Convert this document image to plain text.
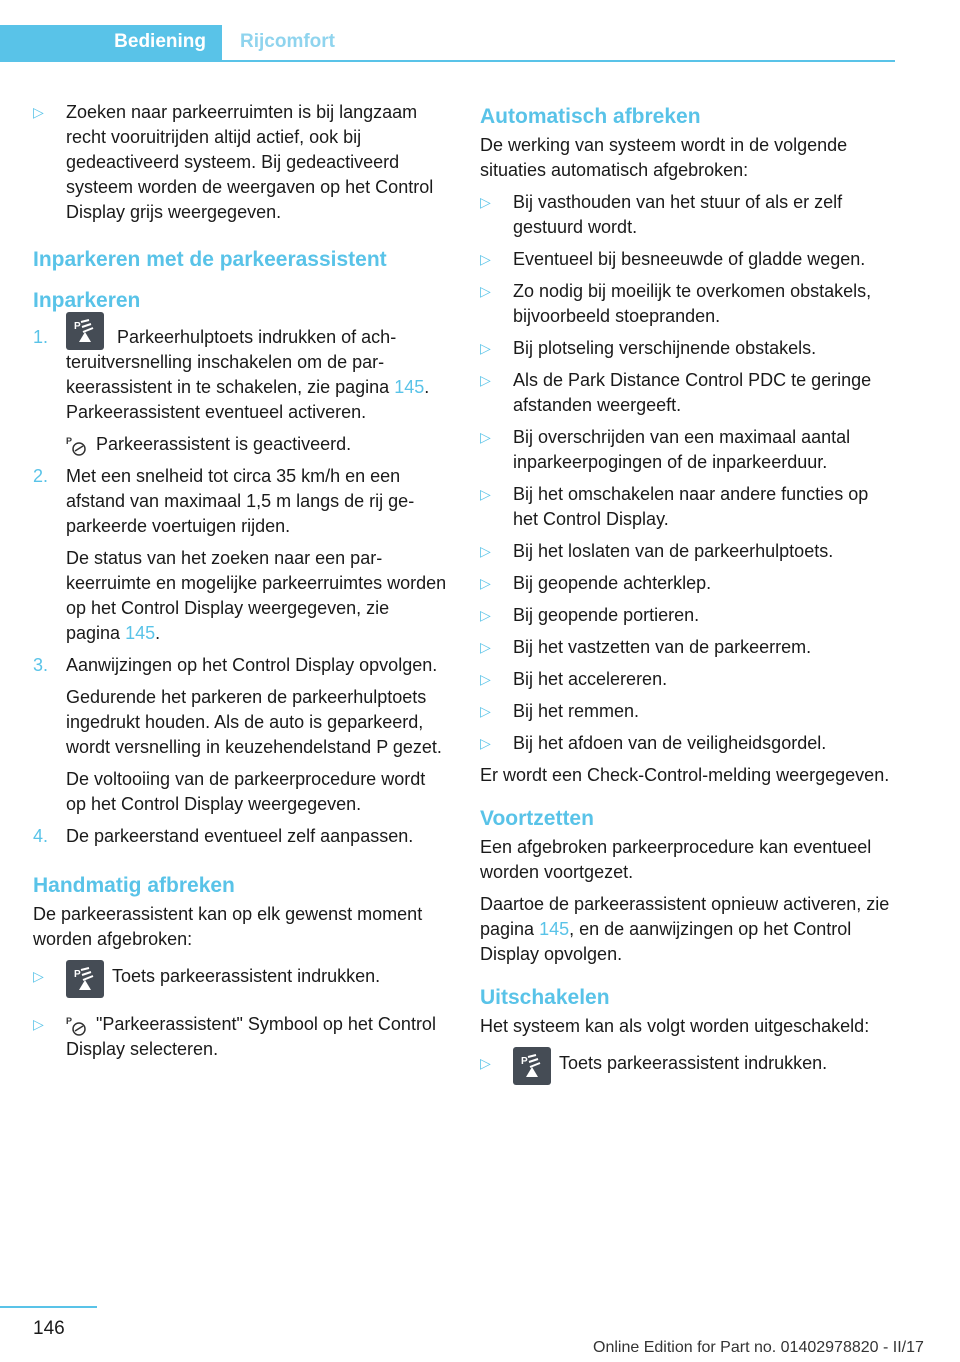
Bediening Rijcomfort
▷ Zoeken naar parkeerruimten is bij langzaam recht vooruitrijden altijd actief, ook bij gedeactiveerd systeem. Bij gedeactiveerd systeem worden de weergaven op het Control Display grijs weergegeven.
Inparkeren met de parkeerassistent
Inparkeren
1.
P
Parkeerhulptoets indrukken of achteruitversnelling inschakelen om de parkeerassistent in te schakelen, zie pagina 145. Parkeerassistent eventueel activeren.
P Parkeerassistent is geactiveerd.
2. Met een snelheid tot circa 35 km/h en een afstand van maximaal 1,5 m langs de rij geparkeerde voertuigen rijden.
De status van het zoeken naar een parkeerruimte en mogelijke parkeerruimtes worden op het Control Display weergegeven, zie pagina 145.
3. Aanwijzingen op het Control Display opvolgen.
Gedurende het parkeren de parkeerhulptoets ingedrukt houden. Als de auto is geparkeerd, wordt versnelling in keuzehendelstand P gezet.
De voltooiing van de parkeerprocedure wordt op het Control Display weergegeven.
4. De parkeerstand eventueel zelf aanpassen.
Handmatig afbreken
De parkeerassistent kan op elk gewenst moment worden afgebroken:
▷	P Toets parkeerassistent indrukken.
▷ P "Parkeerassistent" Symbool op het Control Display selecteren.
Automatisch afbreken
De werking van systeem wordt in de volgende situaties automatisch afgebroken:
▷ Bij vasthouden van het stuur of als er zelf gestuurd wordt.
▷ Eventueel bij besneeuwde of gladde wegen.
▷ Zo nodig bij moeilijk te overkomen obstakels, bijvoorbeeld stoepranden.
▷ Bij plotseling verschijnende obstakels.
▷ Als de Park Distance Control PDC te geringe afstanden weergeeft.
▷ Bij overschrijden van een maximaal aantal inparkeerpogingen of de inparkeerduur.
▷ Bij het omschakelen naar andere functies op het Control Display.
▷ Bij het loslaten van de parkeerhulptoets.
▷ Bij geopende achterklep.
▷ Bij geopende portieren.
▷ Bij het vastzetten van de parkeerrem.
▷ Bij het accelereren.
▷ Bij het remmen.
▷ Bij het afdoen van de veiligheidsgordel.
Er wordt een Check-Control-melding weergegeven.
Voortzetten
Een afgebroken parkeerprocedure kan eventueel worden voortgezet.
Daartoe de parkeerassistent opnieuw activeren, zie pagina 145, en de aanwijzingen op het Control Display opvolgen.
Uitschakelen
Het systeem kan als volgt worden uitgeschakeld:
▷	P Toets parkeerassistent indrukken.
146
Online Edition for Part no. 01402978820 - II/17
